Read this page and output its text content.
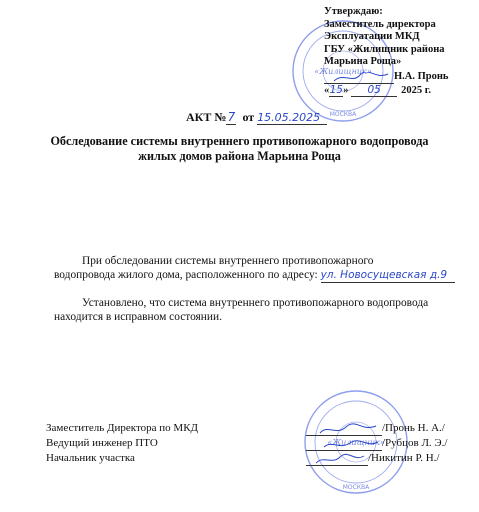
«Жилищник»
МОСКВА
Утверждаю:
Заместитель директора
Эксплуатации МКД
ГБУ «Жилищник района
Марьина Роща»
Н.А. Пронь
«15» 05 2025 г.
АКТ №7 от 15.05.2025
Обследование системы внутреннего противопожарного водопровода
жилых домов района Марьина Роща
При обследовании системы внутреннего противопожарного
водопровода жилого дома, расположенного по адресу: ул. Новосущевская д.9
Установлено, что система внутреннего противопожарного водопровода
находится в исправном состоянии.
«Жилищник»
МОСКВА
Заместитель Директора по МКД
Ведущий инженер ПТО
Начальник участка
/Пронь Н. А./
/Рубцов Л. Э./
/Никитин Р. Н./
